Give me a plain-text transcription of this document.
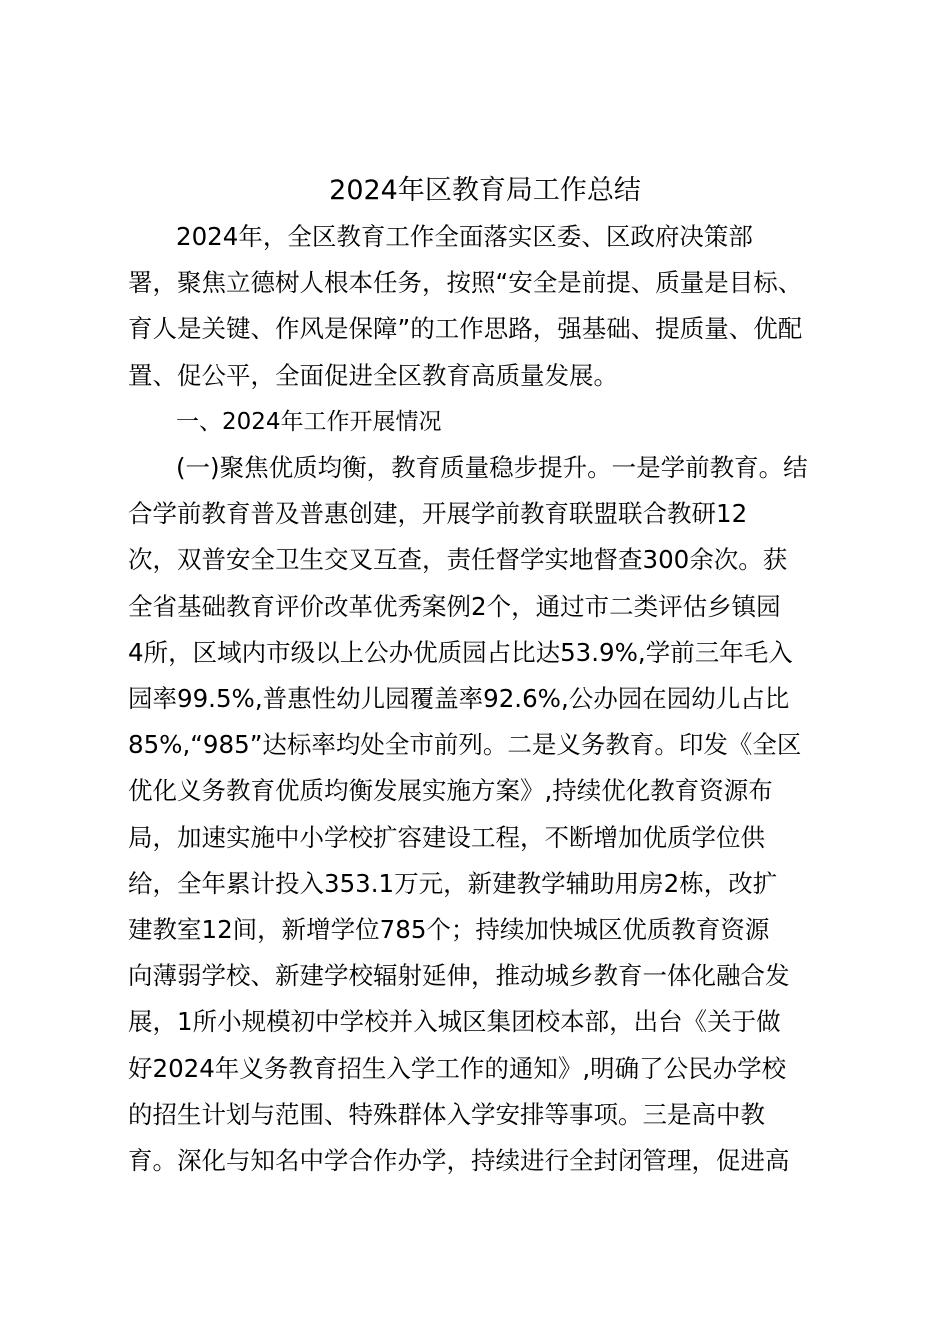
2024年区教育局工作总结

2024年，全区教育工作全面落实区委、区政府决策部

署，聚焦立德树人根本任务，按照“安全是前提、质量是目标、

育人是关键、作风是保障”的工作思路，强基础、提质量、优配

置、促公平，全面促进全区教育高质量发展。

一、2024年工作开展情况

(一)聚焦优质均衡，教育质量稳步提升。一是学前教育。结

合学前教育普及普惠创建，开展学前教育联盟联合教研12

次，双普安全卫生交叉互查，责任督学实地督查300余次。获

全省基础教育评价改革优秀案例2个，通过市二类评估乡镇园

4所，区域内市级以上公办优质园占比达53.9%,学前三年毛入

园率99.5%,普惠性幼儿园覆盖率92.6%,公办园在园幼儿占比

85%,“985”达标率均处全市前列。二是义务教育。印发《全区

优化义务教育优质均衡发展实施方案》,持续优化教育资源布

局，加速实施中小学校扩容建设工程，不断增加优质学位供

给，全年累计投入353.1万元，新建教学辅助用房2栋，改扩

建教室12间，新增学位785个；持续加快城区优质教育资源

向薄弱学校、新建学校辐射延伸，推动城乡教育一体化融合发

展，1所小规模初中学校并入城区集团校本部，出台《关于做

好2024年义务教育招生入学工作的通知》,明确了公民办学校

的招生计划与范围、特殊群体入学安排等事项。三是高中教

育。深化与知名中学合作办学，持续进行全封闭管理，促进高
